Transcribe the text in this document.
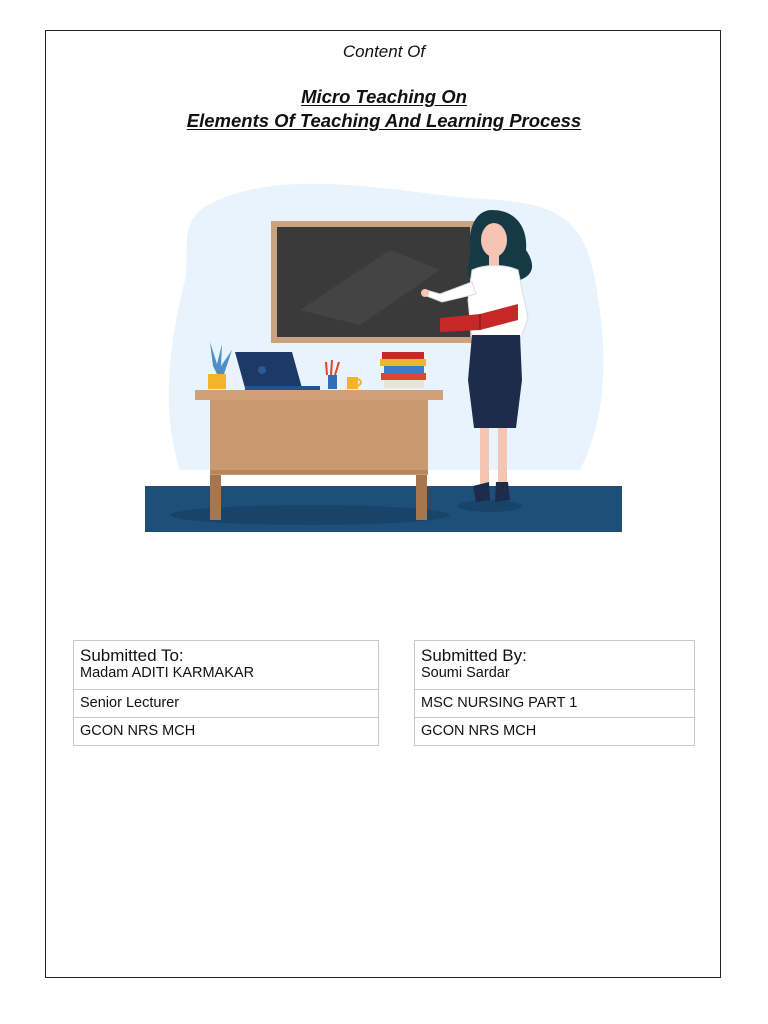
Content Of
Micro Teaching On
Elements Of Teaching And Learning Process
Submitted To:
Madam ADITI KARMAKAR

Senior Lecturer
GCON NRS MCH
Submitted By:
Soumi Sardar

MSC NURSING PART 1
GCON NRS MCH
